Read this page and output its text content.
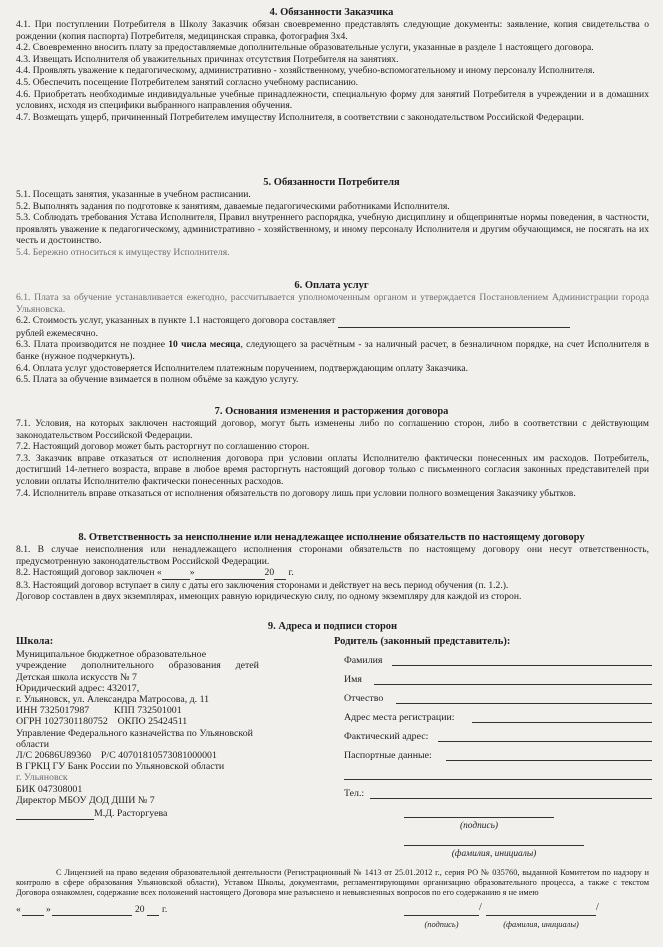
4. Обязанности Заказчика
4.1. При поступлении Потребителя в Школу Заказчик обязан своевременно представлять следующие документы: заявление, копия свидетельства о рождении (копия паспорта) Потребителя, медицинская справка, фотография 3х4.
4.2. Своевременно вносить плату за предоставляемые дополнительные образовательные услуги, указанные в разделе 1 настоящего договора.
4.3. Извещать Исполнителя об уважительных причинах отсутствия Потребителя на занятиях.
4.4. Проявлять уважение к педагогическому, административно - хозяйственному, учебно-вспомогательному и иному персоналу Исполнителя.
4.5. Обеспечить посещение Потребителем занятий согласно учебному расписанию.
4.6. Приобретать необходимые индивидуальные учебные принадлежности, специальную форму для занятий Потребителя в учреждении и в домашних условиях, исходя из специфики выбранного направления обучения.
4.7. Возмещать ущерб, причиненный Потребителем имуществу Исполнителя, в соответствии с законодательством Российской Федерации.
5. Обязанности Потребителя
5.1. Посещать занятия, указанные в учебном расписании.
5.2. Выполнять задания по подготовке к занятиям, даваемые педагогическими работниками Исполнителя.
5.3. Соблюдать требования Устава Исполнителя, Правил внутреннего распорядка, учебную дисциплину и общепринятые нормы поведения, в частности, проявлять уважение к педагогическому, административно - хозяйственному, и иному персоналу Исполнителя и другим обучающимся, не посягать на их честь и достоинство.
5.4. Бережно относиться к имуществу Исполнителя.
6. Оплата услуг
6.1. Плата за обучение устанавливается ежегодно, рассчитывается уполномоченным органом и утверждается Постановлением Администрации города Ульяновска.
6.2. Стоимость услуг, указанных в пункте 1.1 настоящего договора составляет
рублей ежемесячно.
6.3. Плата производится не позднее 10 числа месяца, следующего за расчётным - за наличный расчет, в безналичном порядке, на счет Исполнителя в банке (нужное подчеркнуть).
6.4. Оплата услуг удостоверяется Исполнителем платежным поручением, подтверждающим оплату Заказчика.
6.5. Плата за обучение взимается в полном объёме за каждую услугу.
7. Основания изменения и расторжения договора
7.1. Условия, на которых заключен настоящий договор, могут быть изменены либо по соглашению сторон, либо в соответствии с действующим законодательством Российской Федерации.
7.2. Настоящий договор может быть расторгнут по соглашению сторон.
7.3. Заказчик вправе отказаться от исполнения договора при условии оплаты Исполнителю фактически понесенных им расходов. Потребитель, достигший 14-летнего возраста, вправе в любое время расторгнуть настоящий договор только с письменного согласия законных представителей при условии оплаты Исполнителю фактически понесенных расходов.
7.4. Исполнитель вправе отказаться от исполнения обязательств по договору лишь при условии полного возмещения Заказчику убытков.
8. Ответственность за неисполнение или ненадлежащее исполнение обязательств по настоящему договору
8.1. В случае неисполнения или ненадлежащего исполнения сторонами обязательств по настоящему договору они несут ответственность, предусмотренную законодательством Российской Федерации.
8.2. Настоящий договор заключен «	»	20  г.
8.3. Настоящий договор вступает в силу с даты его заключения сторонами и действует на весь период обучения (п. 1.2.).
Договор составлен в двух экземплярах, имеющих равную юридическую силу, по одному экземпляру для каждой из сторон.
9. Адреса и подписи сторон
Школа:
Муниципальное бюджетное образовательное
учреждение      дополнительного      образования      детей
Детская школа искусств № 7
Юридический адрес: 432017,
г. Ульяновск, ул. Александра Матросова, д. 11
ИНН 7325017987          КПП 732501001
ОГРН 1027301180752    ОКПО 25424511
Управление Федерального казначейства по Ульяновской
области
Л/С 20686U89360    Р/С 40701810573081000001
В ГРКЦ ГУ Банк России по Ульяновской области
г. Ульяновск
БИК 047308001
Директор МБОУ ДОД ДШИ № 7
М.Д. Расторгуева
Родитель (законный представитель):
Фамилия
Имя
Отчество
Адрес места регистрации:
Фактический адрес:
Паспортные данные:
Тел.:
(подпись)
(фамилия, инициалы)
С Лицензией на право ведения образовательной деятельности (Регистрационный № 1413 от 25.01.2012 г., серия РО № 035760, выданной Комитетом по надзору и контролю в сфере образования Ульяновской области), Уставом Школы, документами, регламентирующими организацию образовательного процесса, а также с текстом Договора ознакомлен, содержание всех положений настоящего Договора мне разъяснено и невыясненных вопросов по его содержанию я не имею
«	»	20 г.	/	/
(подпись)	(фамилия, инициалы)
